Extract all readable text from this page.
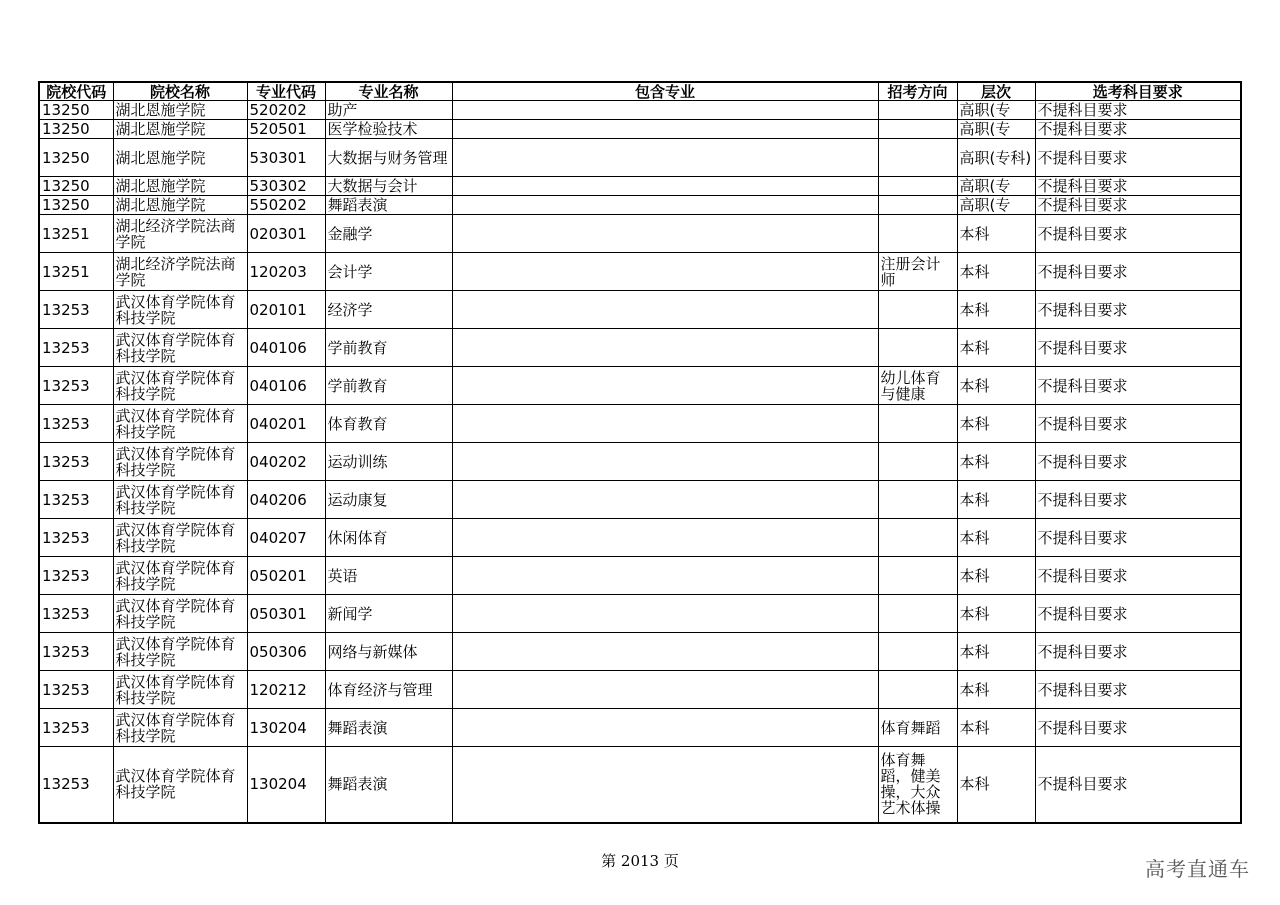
院校代码	院校名称	专业代码	专业名称	包含专业	招考方向	层次	选考科目要求
13250	湖北恩施学院	520202	助产			高职(专	不提科目要求
13250	湖北恩施学院	520501	医学检验技术			高职(专	不提科目要求
13250	湖北恩施学院	530301	大数据与财务管理			高职(专科)	不提科目要求
13250	湖北恩施学院	530302	大数据与会计			高职(专	不提科目要求
13250	湖北恩施学院	550202	舞蹈表演			高职(专	不提科目要求
13251	湖北经济学院法商学院	020301	金融学			本科	不提科目要求
13251	湖北经济学院法商学院	120203	会计学		注册会计师	本科	不提科目要求
13253	武汉体育学院体育科技学院	020101	经济学			本科	不提科目要求
13253	武汉体育学院体育科技学院	040106	学前教育			本科	不提科目要求
13253	武汉体育学院体育科技学院	040106	学前教育		幼儿体育与健康	本科	不提科目要求
13253	武汉体育学院体育科技学院	040201	体育教育			本科	不提科目要求
13253	武汉体育学院体育科技学院	040202	运动训练			本科	不提科目要求
13253	武汉体育学院体育科技学院	040206	运动康复			本科	不提科目要求
13253	武汉体育学院体育科技学院	040207	休闲体育			本科	不提科目要求
13253	武汉体育学院体育科技学院	050201	英语			本科	不提科目要求
13253	武汉体育学院体育科技学院	050301	新闻学			本科	不提科目要求
13253	武汉体育学院体育科技学院	050306	网络与新媒体			本科	不提科目要求
13253	武汉体育学院体育科技学院	120212	体育经济与管理			本科	不提科目要求
13253	武汉体育学院体育科技学院	130204	舞蹈表演		体育舞蹈	本科	不提科目要求
13253	武汉体育学院体育科技学院	130204	舞蹈表演		体育舞蹈，健美操，大众艺术体操	本科	不提科目要求
第 2013 页	高考直通车
